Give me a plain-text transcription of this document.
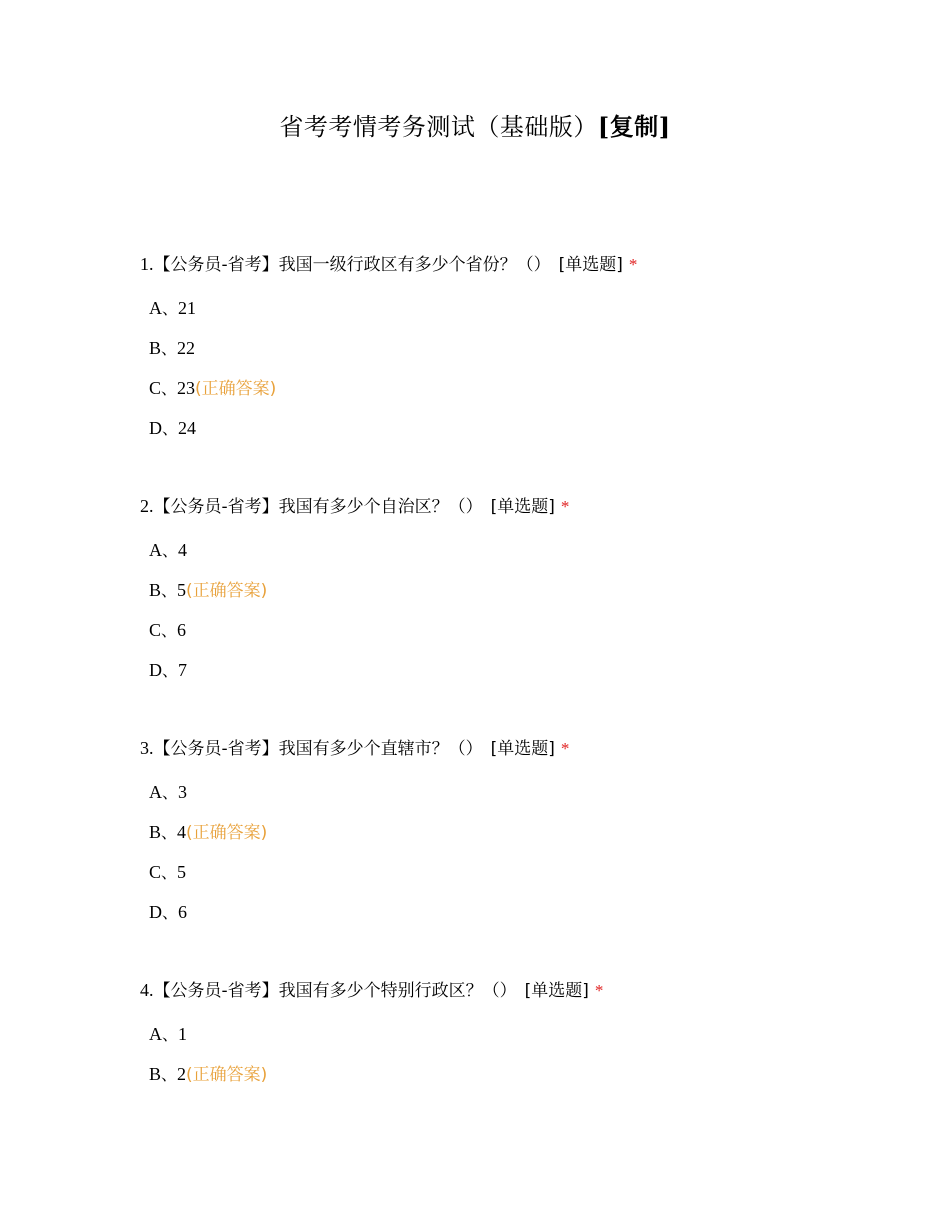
省考考情考务测试（基础版）[复制]
1.【公务员-省考】我国一级行政区有多少个省份？（） [单选题] *
A、21
B、22
C、23(正确答案)
D、24
2.【公务员-省考】我国有多少个自治区？（） [单选题] *
A、4
B、5(正确答案)
C、6
D、7
3.【公务员-省考】我国有多少个直辖市？（） [单选题] *
A、3
B、4(正确答案)
C、5
D、6
4.【公务员-省考】我国有多少个特别行政区？（） [单选题] *
A、1
B、2(正确答案)
